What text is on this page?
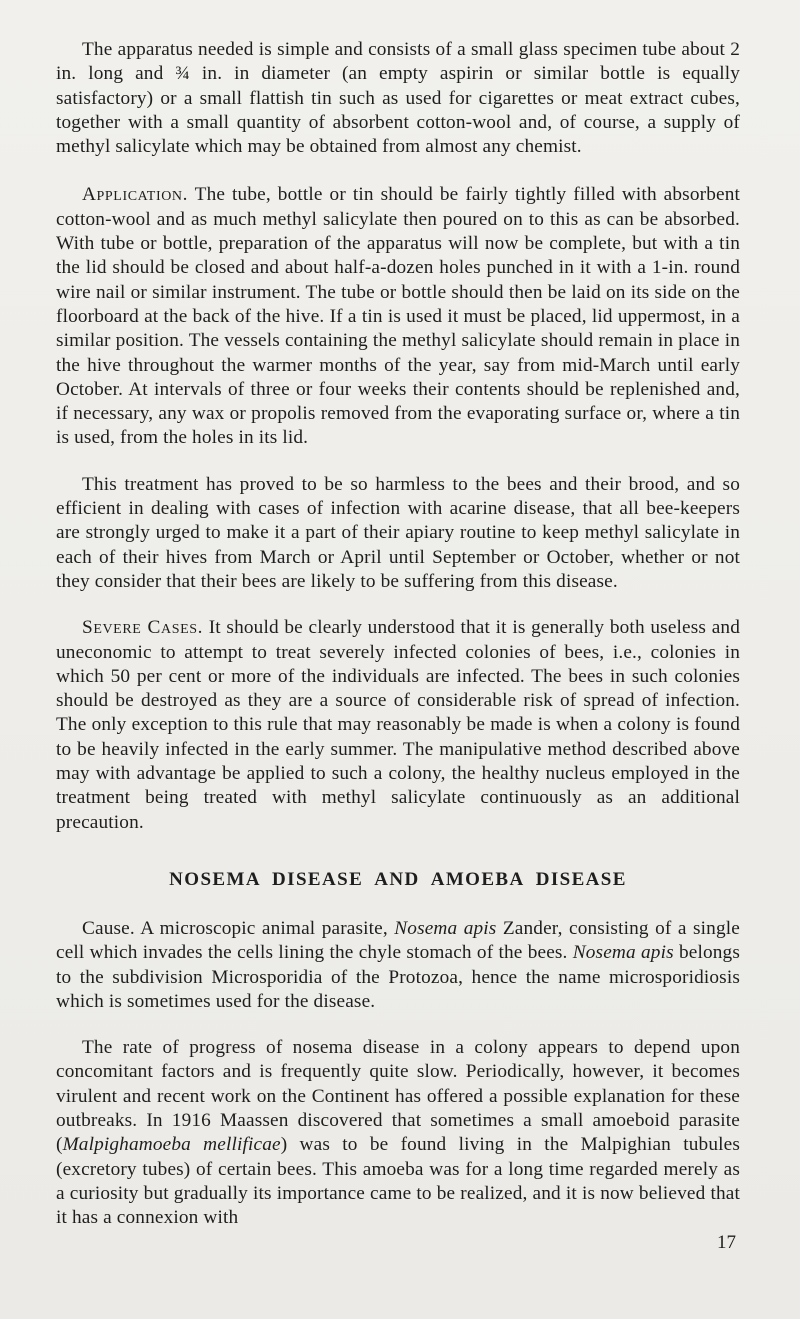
The apparatus needed is simple and consists of a small glass specimen tube about 2 in. long and ¾ in. in diameter (an empty aspirin or similar bottle is equally satisfactory) or a small flattish tin such as used for cigarettes or meat extract cubes, together with a small quantity of absorbent cotton-wool and, of course, a supply of methyl salicylate which may be obtained from almost any chemist.

Application. The tube, bottle or tin should be fairly tightly filled with absorbent cotton-wool and as much methyl salicylate then poured on to this as can be absorbed. With tube or bottle, preparation of the apparatus will now be complete, but with a tin the lid should be closed and about half-a-dozen holes punched in it with a 1-in. round wire nail or similar instrument. The tube or bottle should then be laid on its side on the floorboard at the back of the hive. If a tin is used it must be placed, lid uppermost, in a similar position. The vessels containing the methyl salicylate should remain in place in the hive throughout the warmer months of the year, say from mid-March until early October. At intervals of three or four weeks their contents should be replenished and, if necessary, any wax or propolis removed from the evaporating surface or, where a tin is used, from the holes in its lid.

This treatment has proved to be so harmless to the bees and their brood, and so efficient in dealing with cases of infection with acarine disease, that all bee-keepers are strongly urged to make it a part of their apiary routine to keep methyl salicylate in each of their hives from March or April until September or October, whether or not they consider that their bees are likely to be suffering from this disease.

Severe Cases. It should be clearly understood that it is generally both useless and uneconomic to attempt to treat severely infected colonies of bees, i.e., colonies in which 50 per cent or more of the individuals are infected. The bees in such colonies should be destroyed as they are a source of considerable risk of spread of infection. The only exception to this rule that may reasonably be made is when a colony is found to be heavily infected in the early summer. The manipulative method described above may with advantage be applied to such a colony, the healthy nucleus employed in the treatment being treated with methyl salicylate continuously as an additional precaution.

NOSEMA DISEASE AND AMOEBA DISEASE

Cause. A microscopic animal parasite, Nosema apis Zander, consisting of a single cell which invades the cells lining the chyle stomach of the bees. Nosema apis belongs to the subdivision Microsporidia of the Protozoa, hence the name microsporidiosis which is sometimes used for the disease.

The rate of progress of nosema disease in a colony appears to depend upon concomitant factors and is frequently quite slow. Periodically, however, it becomes virulent and recent work on the Continent has offered a possible explanation for these outbreaks. In 1916 Maassen discovered that sometimes a small amoeboid parasite (Malpighamoeba mellificae) was to be found living in the Malpighian tubules (excretory tubes) of certain bees. This amoeba was for a long time regarded merely as a curiosity but gradually its importance came to be realized, and it is now believed that it has a connexion with

17
